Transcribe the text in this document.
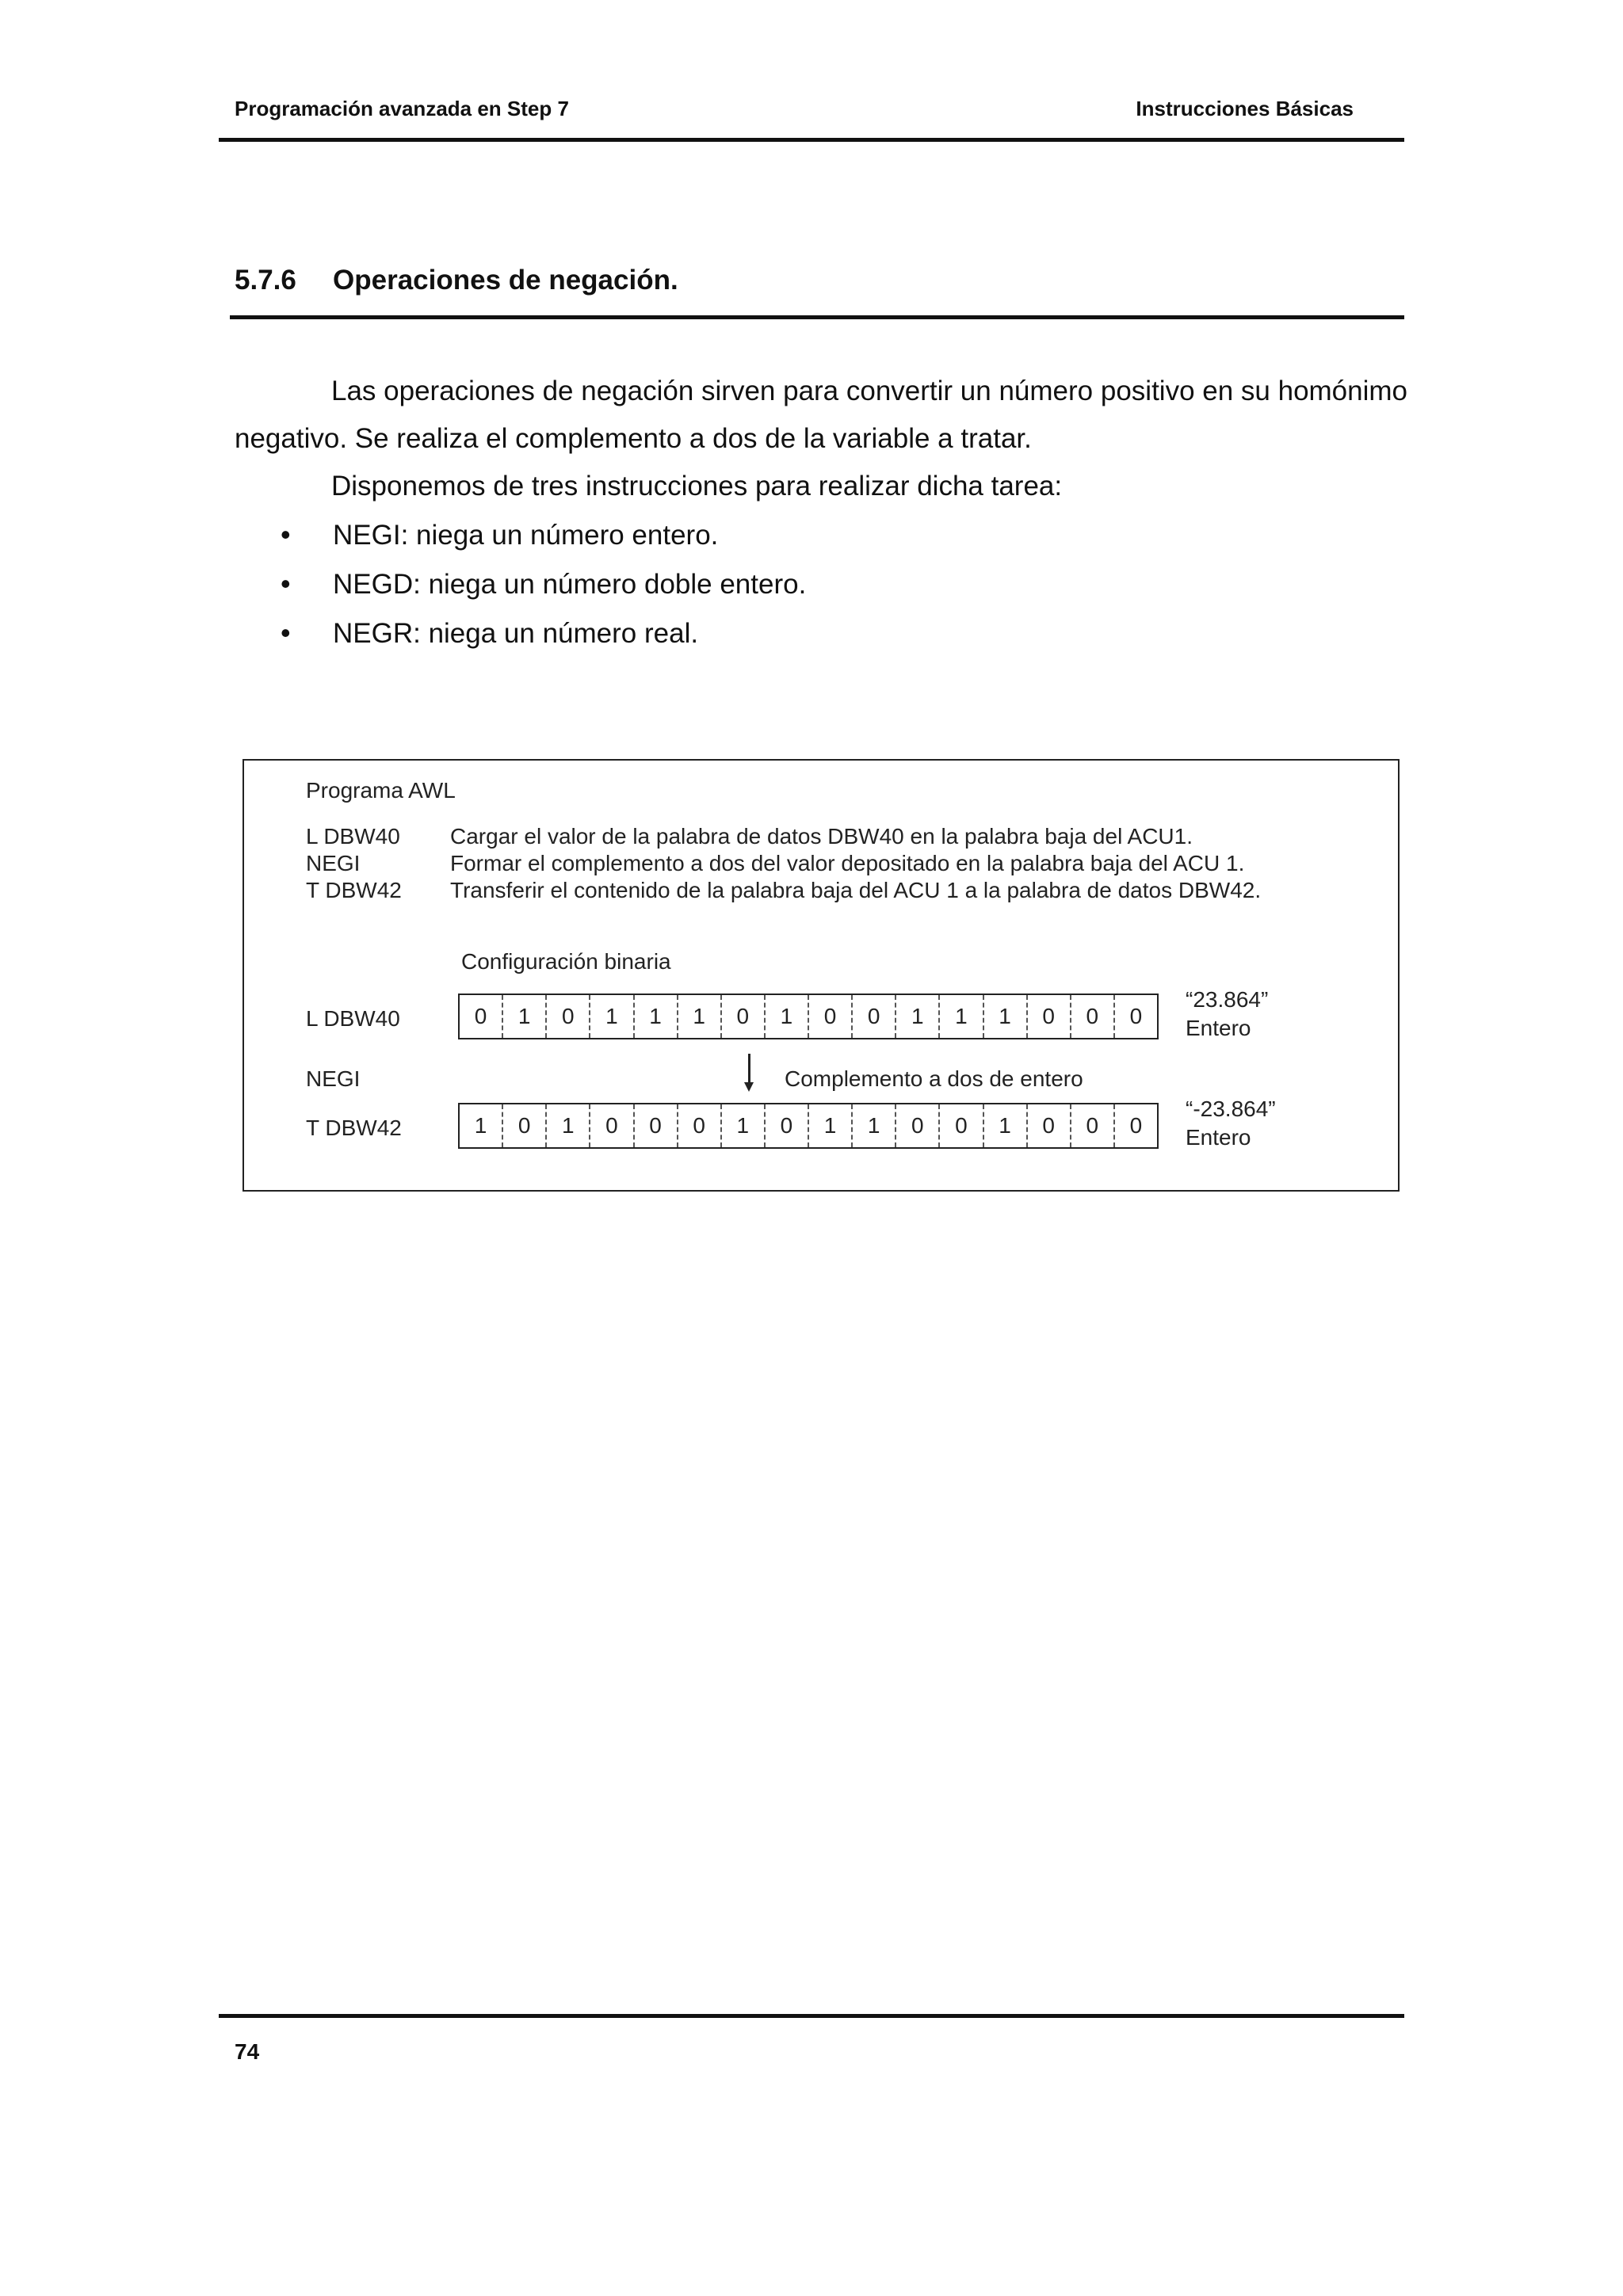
Programación avanzada en Step 7	Instrucciones Básicas
5.7.6 Operaciones de negación.
Las operaciones de negación sirven para convertir un número positivo en su homónimo
negativo. Se realiza el complemento a dos de la variable a tratar.
Disponemos de tres instrucciones para realizar dicha tarea:
• NEGI: niega un número entero.
• NEGD: niega un número doble entero.
• NEGR: niega un número real.
Programa AWL
L DBW40 Cargar el valor de la palabra de datos DBW40 en la palabra baja del ACU1.
NEGI	Formar el complemento a dos del valor depositado en la palabra baja del ACU 1.
T DBW42 Transferir el contenido de la palabra baja del ACU 1 a la palabra de datos DBW42.
Configuración binaria
L DBW40	0	1	0	1	1	1	0	1	0	0	1	1	1	0	0	0
“23.864”
Entero
NEGI	Complemento a dos de entero
T DBW42	1	0	1	0	0	0	1	0	1	1	0	0	1	0	0	0
“-23.864”
Entero
74
